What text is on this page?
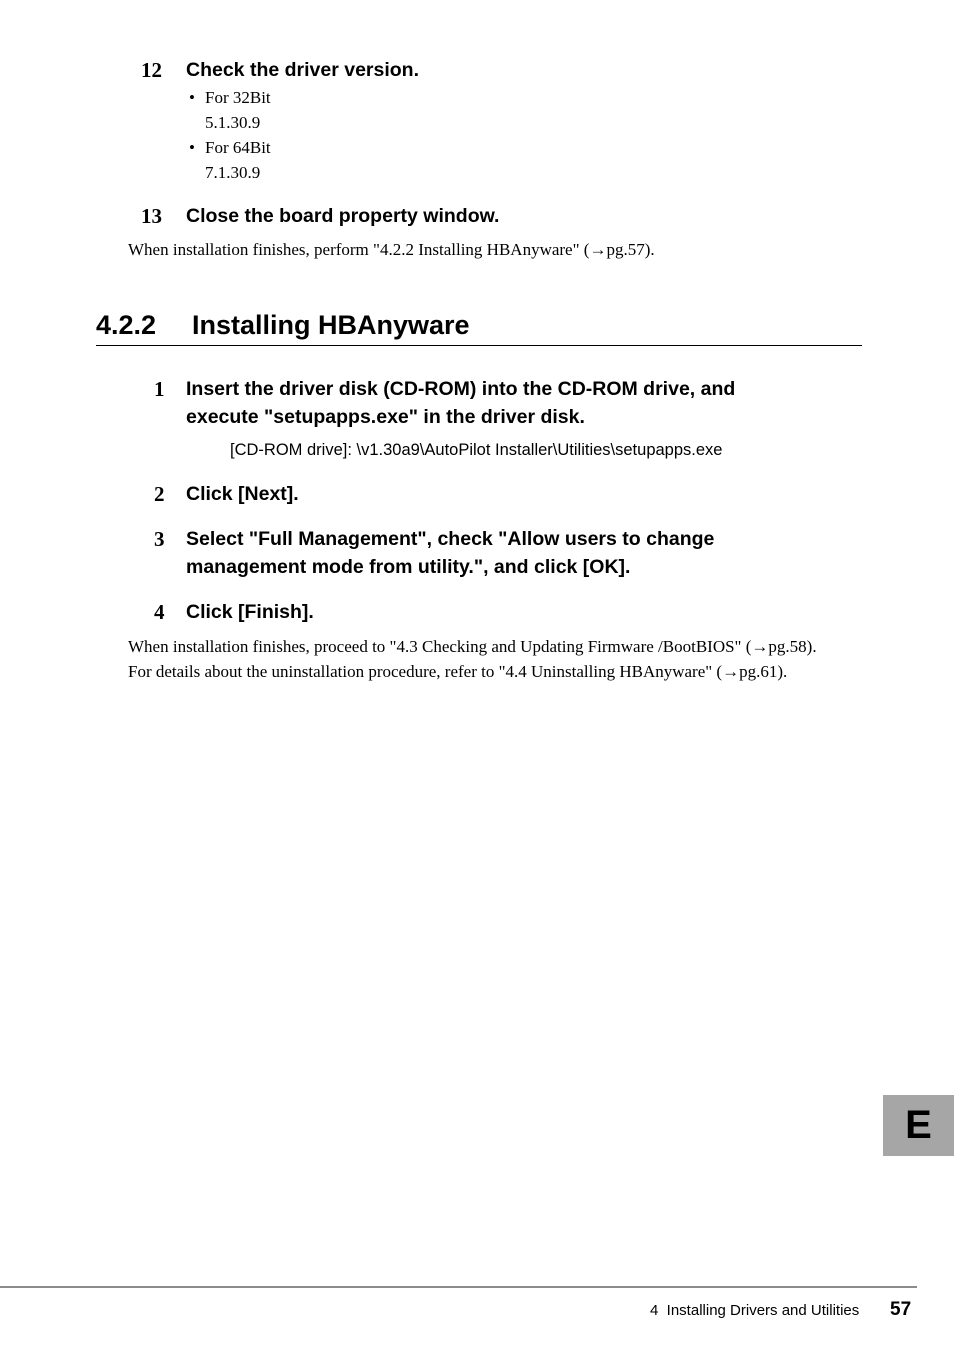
12 Check the driver version.
• For 32Bit
5.1.30.9
• For 64Bit
7.1.30.9
13 Close the board property window.
When installation finishes, perform "4.2.2 Installing HBAnyware" (→pg.57).
4.2.2 Installing HBAnyware
1 Insert the driver disk (CD-ROM) into the CD-ROM drive, and
execute "setupapps.exe" in the driver disk.
[CD-ROM drive]: \v1.30a9\AutoPilot Installer\Utilities\setupapps.exe
2 Click [Next].
3 Select "Full Management", check "Allow users to change
management mode from utility.", and click [OK].
4 Click [Finish].
When installation finishes, proceed to "4.3 Checking and Updating Firmware /BootBIOS" (→pg.58).
For details about the uninstallation procedure, refer to "4.4 Uninstalling HBAnyware" (→pg.61).
E
4  Installing Drivers and Utilities 57
